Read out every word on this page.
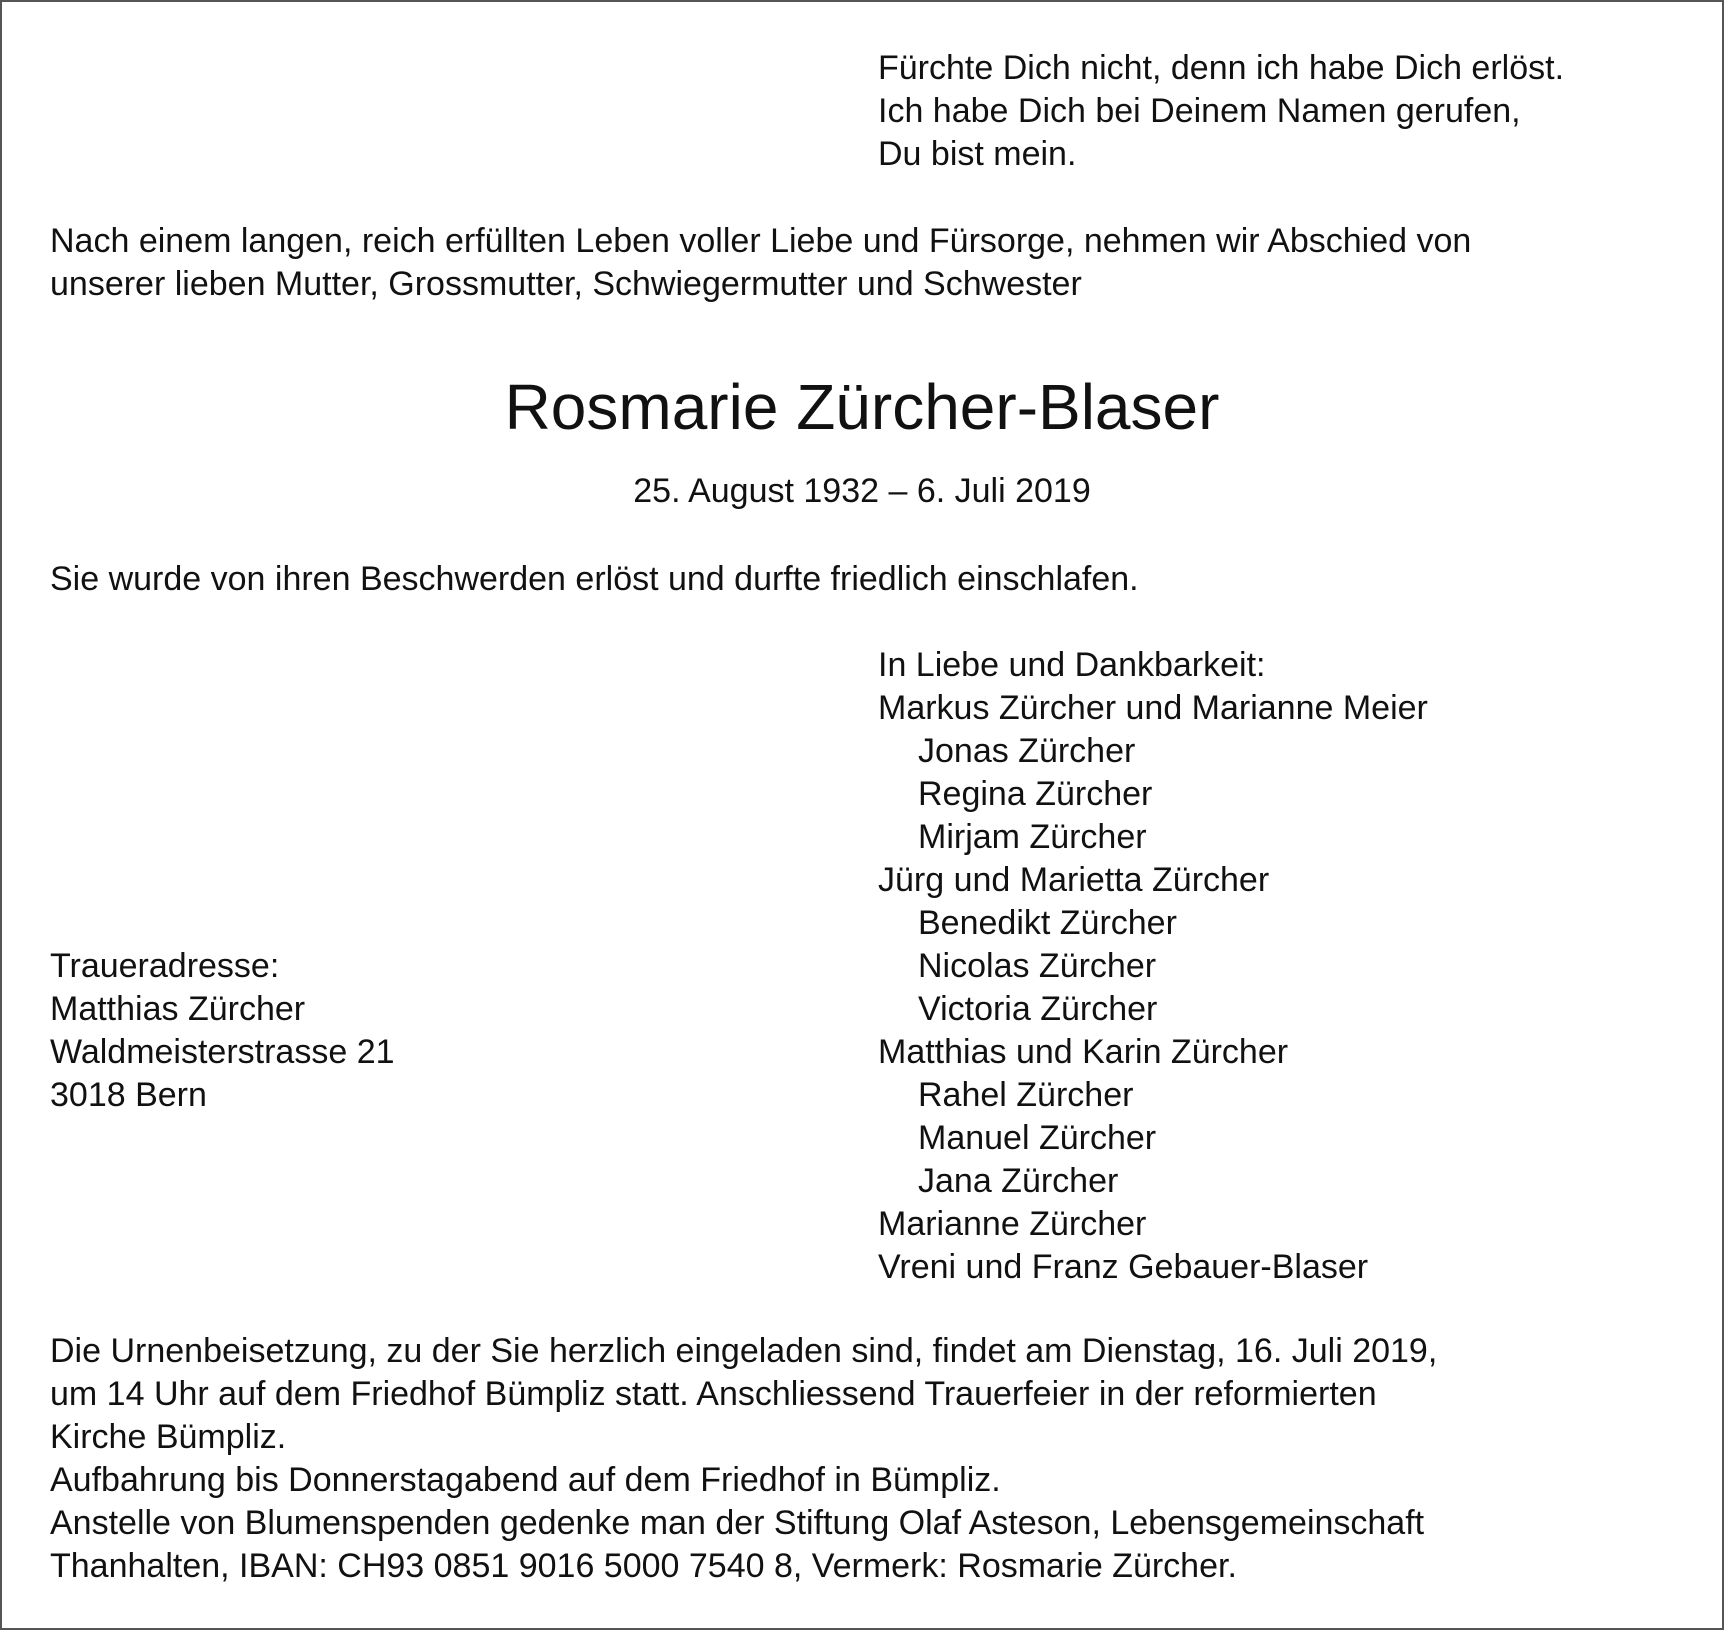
Fürchte Dich nicht, denn ich habe Dich erlöst.
Ich habe Dich bei Deinem Namen gerufen,
Du bist mein.
Nach einem langen, reich erfüllten Leben voller Liebe und Fürsorge, nehmen wir Abschied von
unserer lieben Mutter, Grossmutter, Schwiegermutter und Schwester
Rosmarie Zürcher-Blaser
25. August 1932 – 6. Juli 2019
Sie wurde von ihren Beschwerden erlöst und durfte friedlich einschlafen.
In Liebe und Dankbarkeit:
Markus Zürcher und Marianne Meier
Jonas Zürcher
Regina Zürcher
Mirjam Zürcher
Jürg und Marietta Zürcher
Benedikt Zürcher
Nicolas Zürcher
Victoria Zürcher
Matthias und Karin Zürcher
Rahel Zürcher
Manuel Zürcher
Jana Zürcher
Marianne Zürcher
Vreni und Franz Gebauer-Blaser
Traueradresse:
Matthias Zürcher
Waldmeisterstrasse 21
3018 Bern
Die Urnenbeisetzung, zu der Sie herzlich eingeladen sind, findet am Dienstag, 16. Juli 2019,
um 14 Uhr auf dem Friedhof Bümpliz statt. Anschliessend Trauerfeier in der reformierten
Kirche Bümpliz.
Aufbahrung bis Donnerstagabend auf dem Friedhof in Bümpliz.
Anstelle von Blumenspenden gedenke man der Stiftung Olaf Asteson, Lebensgemeinschaft
Thanhalten, IBAN: CH93 0851 9016 5000 7540 8, Vermerk: Rosmarie Zürcher.
